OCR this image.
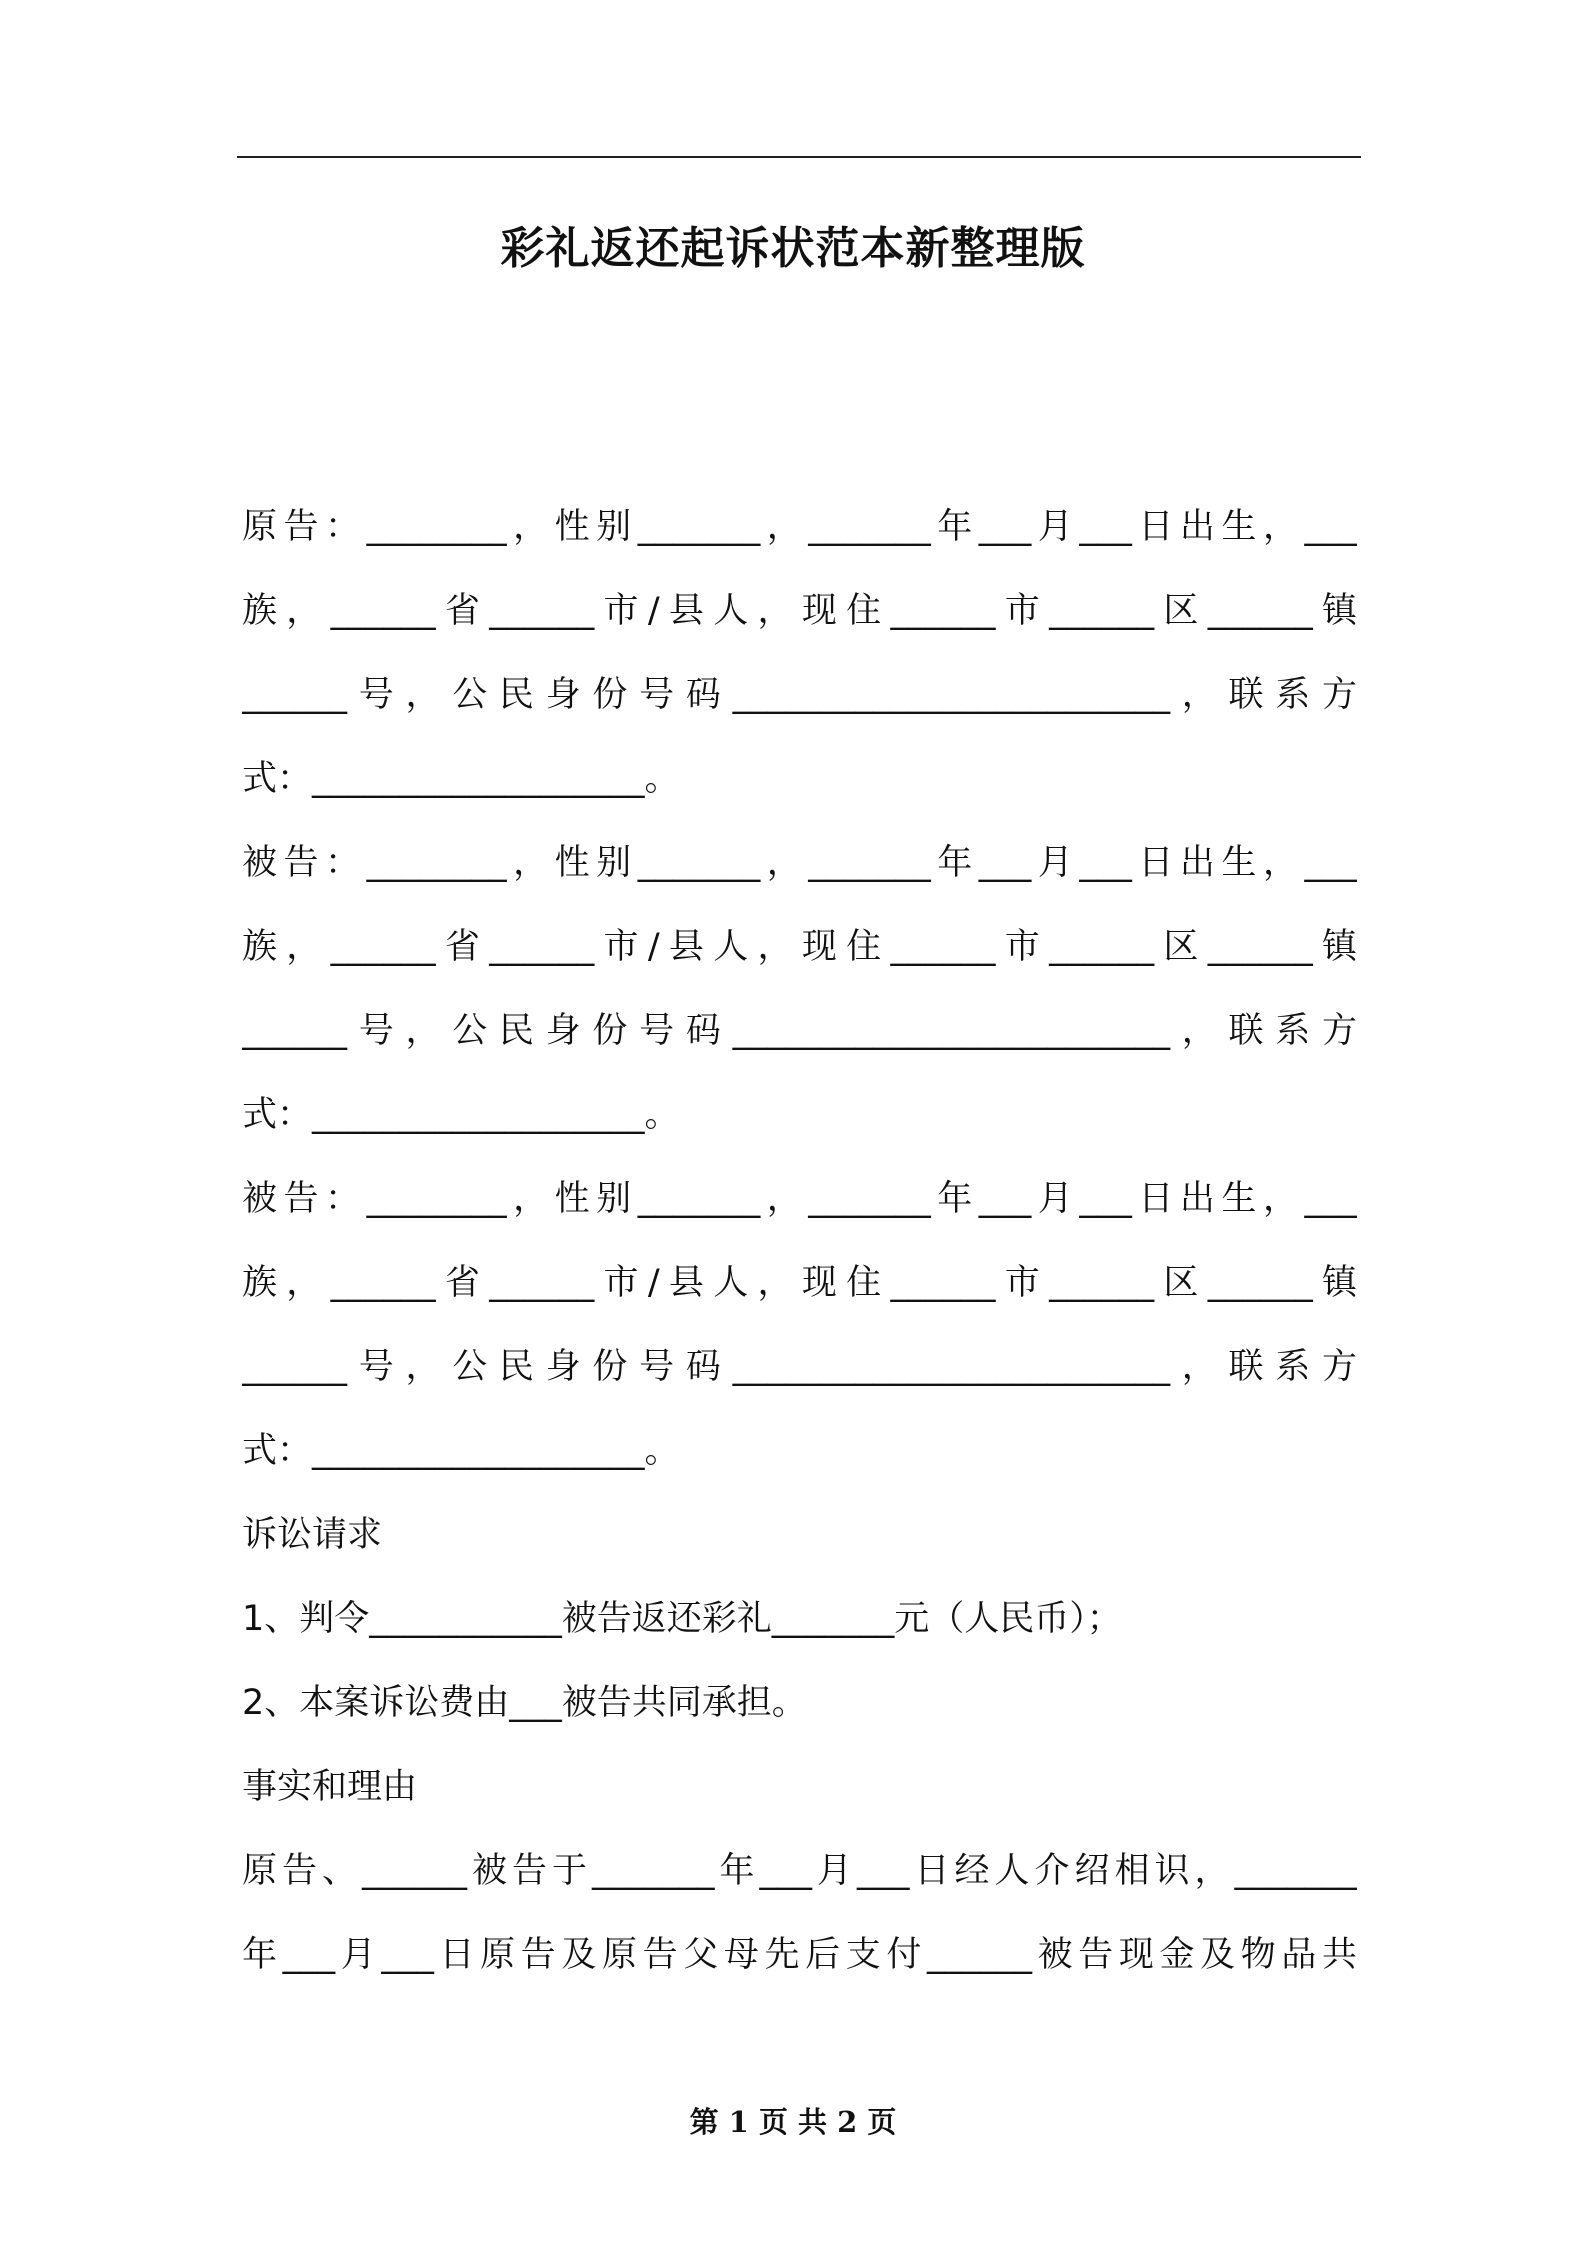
彩礼返还起诉状范本新整理版
原告：________，性别_______，_______年___月___日出生，___
族，______省______市/县人，现住______市______区______镇
______号，公民身份号码_________________________，联系方
式：___________________。
被告：________，性别_______，_______年___月___日出生，___
族，______省______市/县人，现住______市______区______镇
______号，公民身份号码_________________________，联系方
式：___________________。
被告：________，性别_______，_______年___月___日出生，___
族，______省______市/县人，现住______市______区______镇
______号，公民身份号码_________________________，联系方
式：___________________。
诉讼请求
1、判令___________被告返还彩礼_______元（人民币）；
2、本案诉讼费由___被告共同承担。
事实和理由
原告、______被告于_______年___月___日经人介绍相识，_______
年___月___日原告及原告父母先后支付______被告现金及物品共
第 1 页 共 2 页
